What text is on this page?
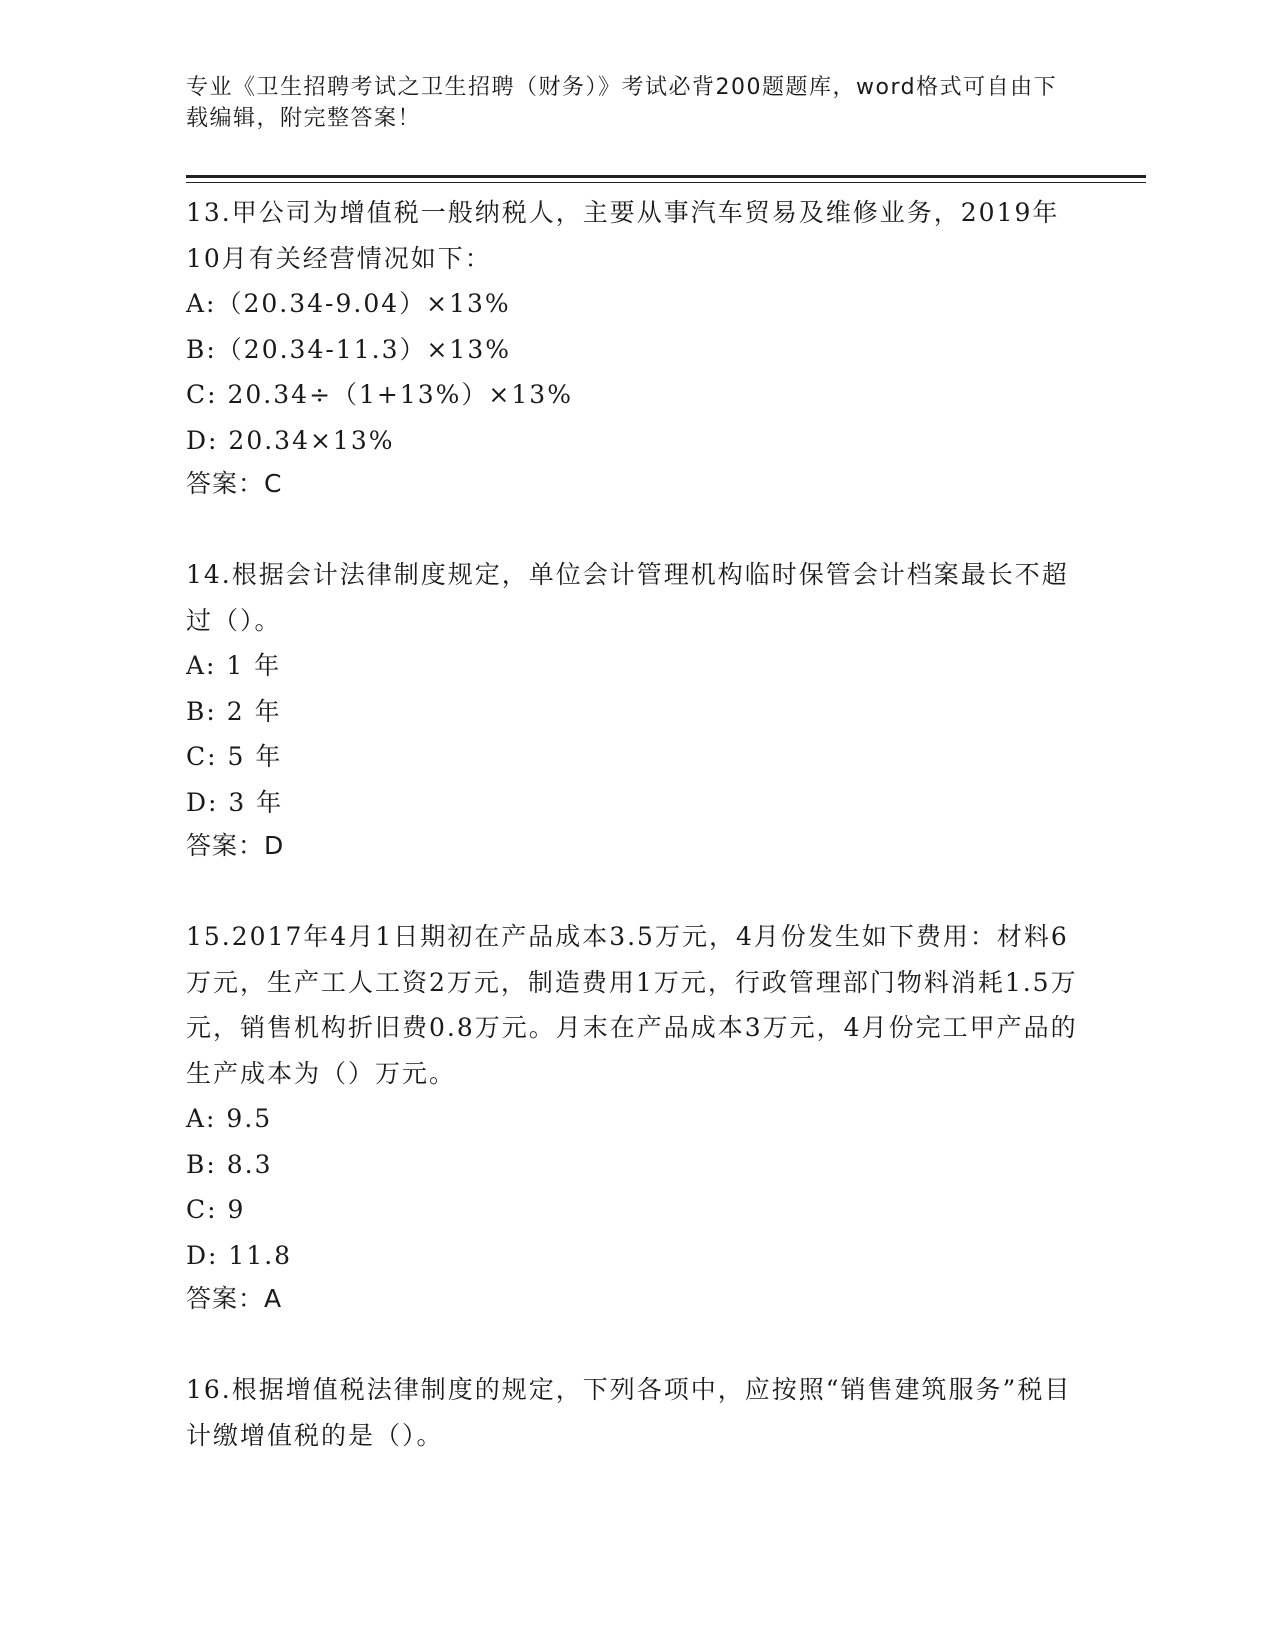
专业《卫生招聘考试之卫生招聘（财务）》考试必背200题题库，word格式可自由下载编辑，附完整答案！
13.甲公司为增值税一般纳税人，主要从事汽车贸易及维修业务，2019年10月有关经营情况如下：
A:（20.34-9.04）×13%
B:（20.34-11.3）×13%
C: 20.34÷（1+13%）×13%
D: 20.34×13%
答案：C
14.根据会计法律制度规定，单位会计管理机构临时保管会计档案最长不超过（）。
A: 1 年
B: 2 年
C: 5 年
D: 3 年
答案：D
15.2017年4月1日期初在产品成本3.5万元，4月份发生如下费用：材料6万元，生产工人工资2万元，制造费用1万元，行政管理部门物料消耗1.5万元，销售机构折旧费0.8万元。月末在产品成本3万元，4月份完工甲产品的生产成本为（）万元。
A: 9.5
B: 8.3
C: 9
D: 11.8
答案：A
16.根据增值税法律制度的规定，下列各项中，应按照“销售建筑服务”税目计缴增值税的是（）。
